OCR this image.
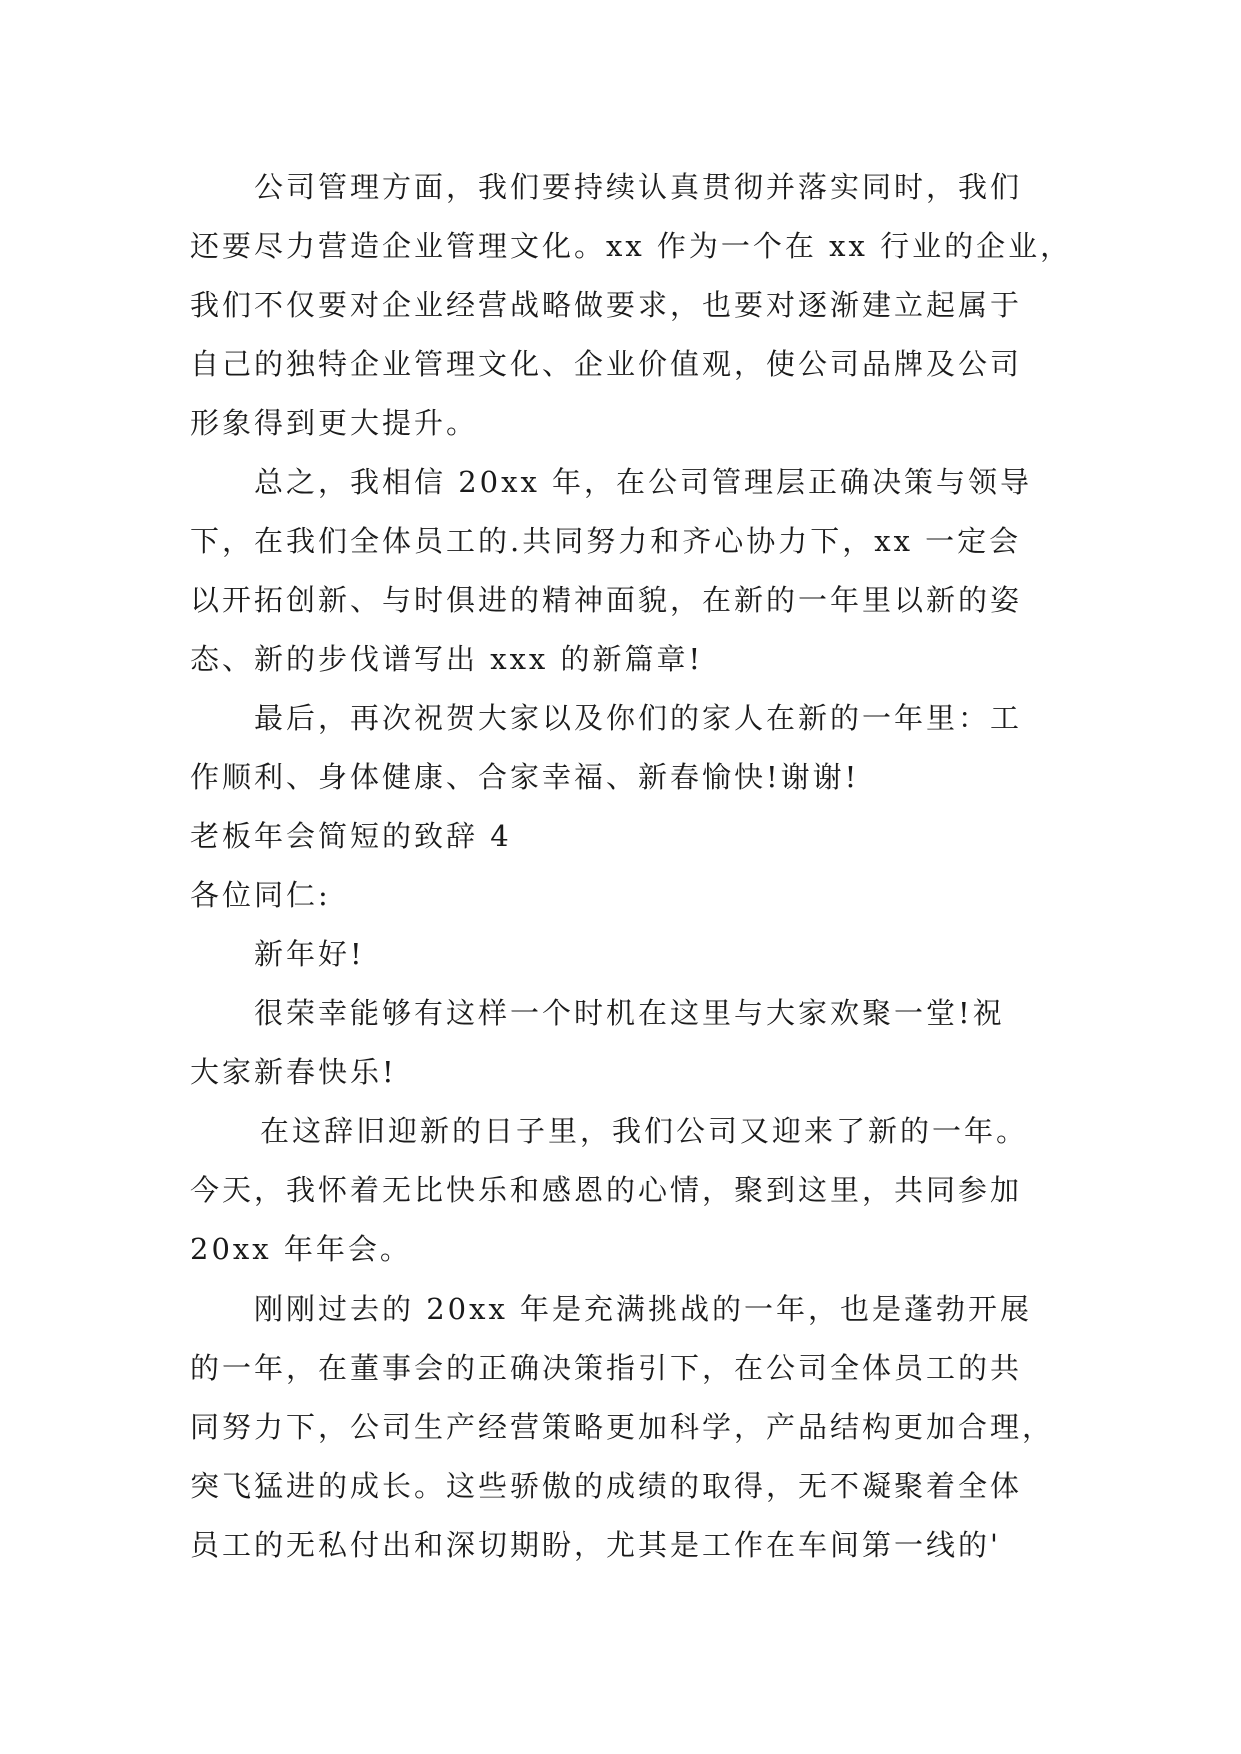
公司管理方面，我们要持续认真贯彻并落实同时，我们
还要尽力营造企业管理文化。xx 作为一个在 xx 行业的企业，
我们不仅要对企业经营战略做要求，也要对逐渐建立起属于
自己的独特企业管理文化、企业价值观，使公司品牌及公司
形象得到更大提升。
总之，我相信 20xx 年，在公司管理层正确决策与领导
下，在我们全体员工的.共同努力和齐心协力下，xx 一定会
以开拓创新、与时俱进的精神面貌，在新的一年里以新的姿
态、新的步伐谱写出 xxx 的新篇章!
最后，再次祝贺大家以及你们的家人在新的一年里：工
作顺利、身体健康、合家幸福、新春愉快!谢谢!
老板年会简短的致辞 4
各位同仁:
新年好!
很荣幸能够有这样一个时机在这里与大家欢聚一堂!祝
大家新春快乐!
在这辞旧迎新的日子里，我们公司又迎来了新的一年。
今天，我怀着无比快乐和感恩的心情，聚到这里，共同参加
20xx 年年会。
刚刚过去的 20xx 年是充满挑战的一年，也是蓬勃开展
的一年，在董事会的正确决策指引下，在公司全体员工的共
同努力下，公司生产经营策略更加科学，产品结构更加合理，
突飞猛进的成长。这些骄傲的成绩的取得，无不凝聚着全体
员工的无私付出和深切期盼，尤其是工作在车间第一线的'
